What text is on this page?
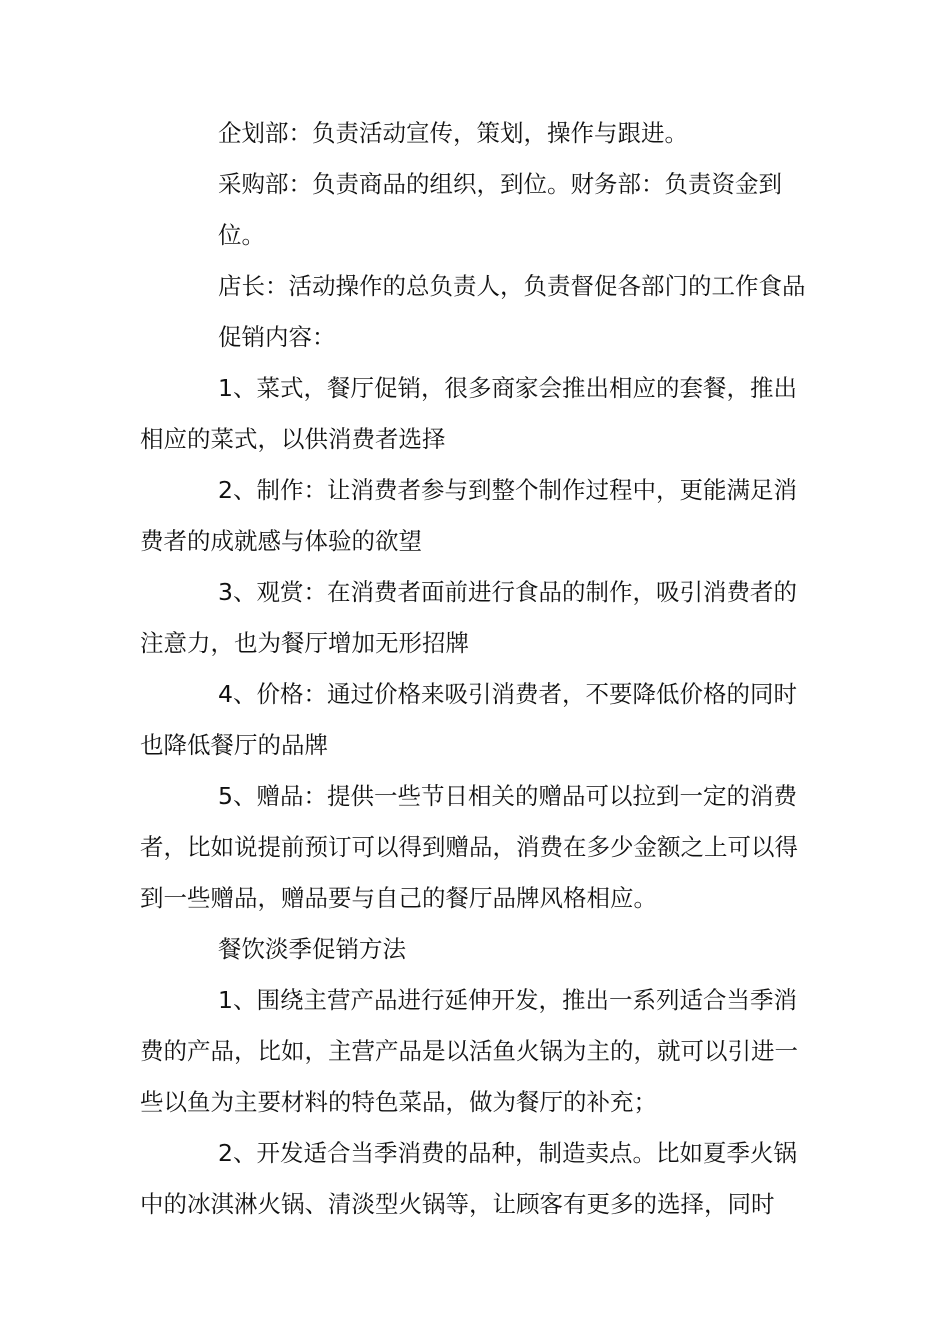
企划部：负责活动宣传，策划，操作与跟进。

采购部：负责商品的组织，到位。财务部：负责资金到位。

店长：活动操作的总负责人，负责督促各部门的工作食品促销内容：

1、菜式，餐厅促销，很多商家会推出相应的套餐，推出相应的菜式，以供消费者选择

2、制作：让消费者参与到整个制作过程中，更能满足消费者的成就感与体验的欲望

3、观赏：在消费者面前进行食品的制作，吸引消费者的注意力，也为餐厅增加无形招牌

4、价格：通过价格来吸引消费者，不要降低价格的同时也降低餐厅的品牌

5、赠品：提供一些节日相关的赠品可以拉到一定的消费者，比如说提前预订可以得到赠品，消费在多少金额之上可以得到一些赠品，赠品要与自己的餐厅品牌风格相应。

餐饮淡季促销方法

1、围绕主营产品进行延伸开发，推出一系列适合当季消费的产品，比如，主营产品是以活鱼火锅为主的，就可以引进一些以鱼为主要材料的特色菜品，做为餐厅的补充；

2、开发适合当季消费的品种，制造卖点。比如夏季火锅中的冰淇淋火锅、清淡型火锅等，让顾客有更多的选择，同时
